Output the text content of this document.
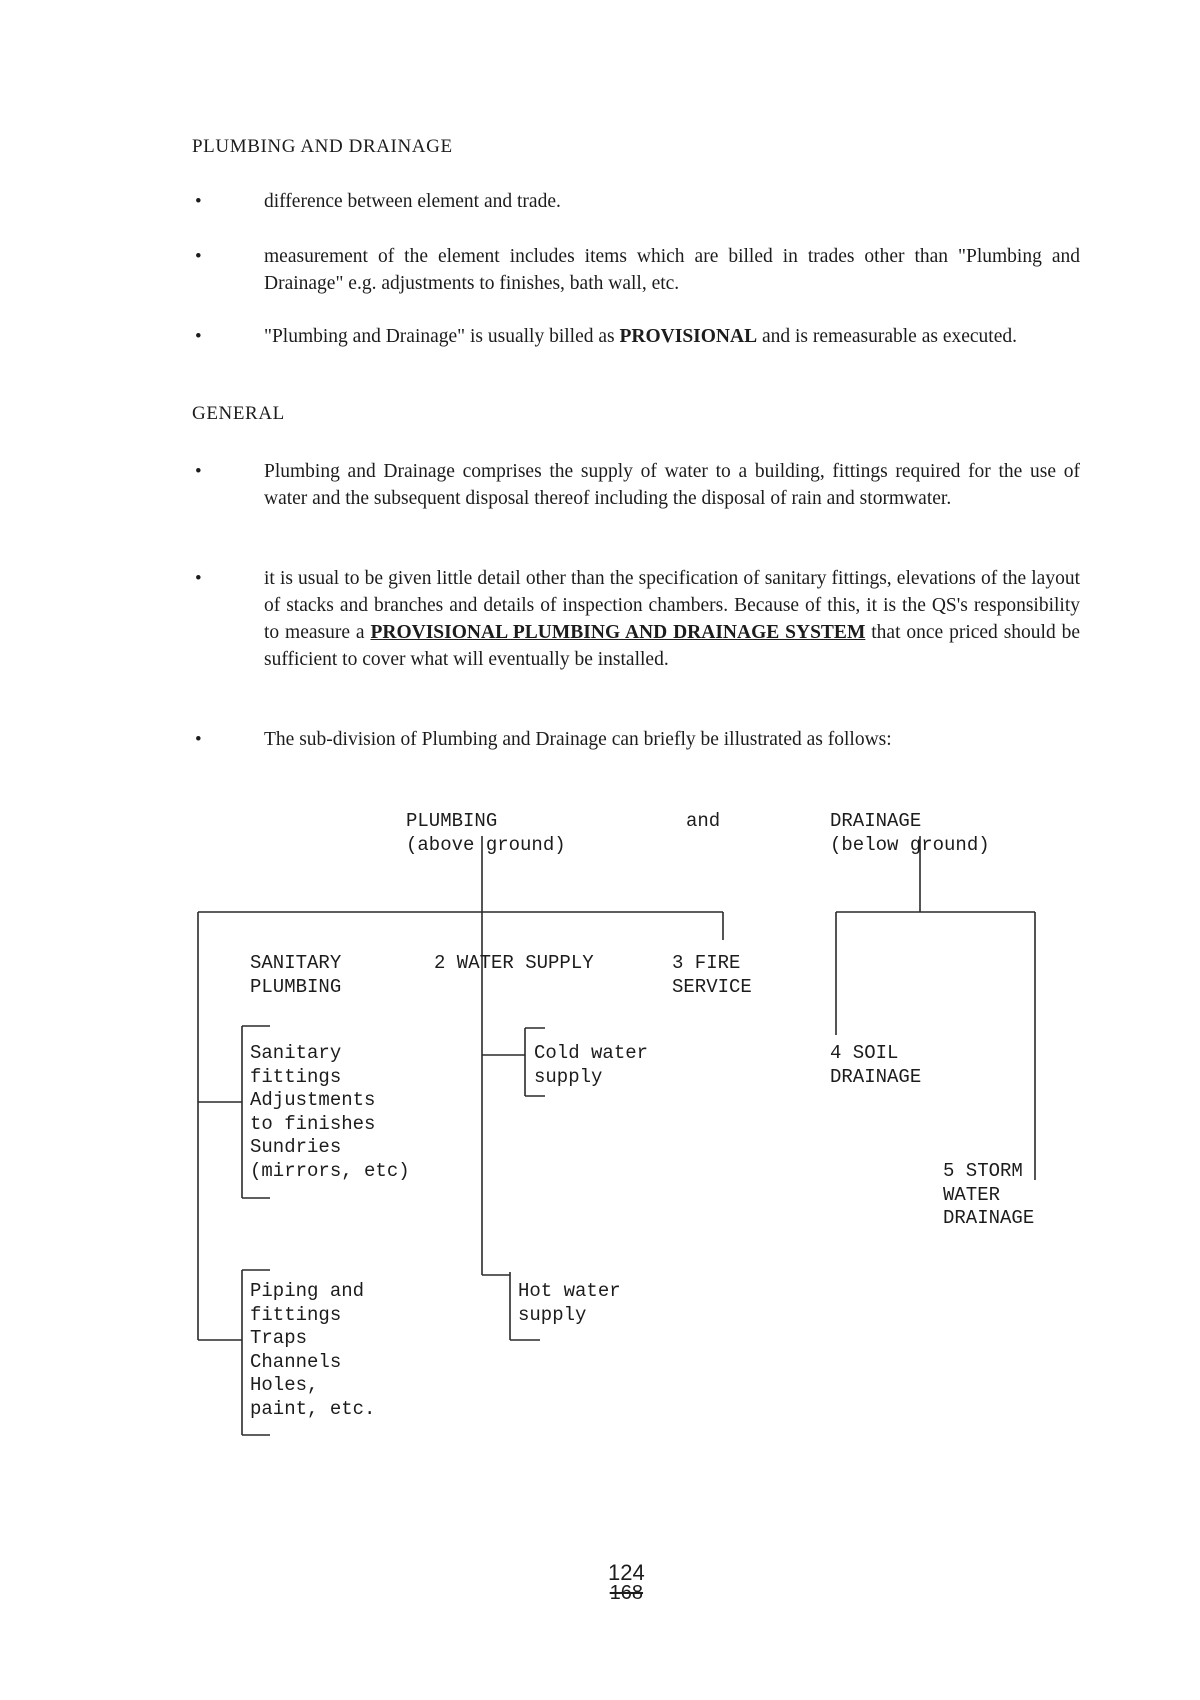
PLUMBING AND DRAINAGE
•	difference between element and trade.
•	measurement of the element includes items which are billed in trades other than "Plumbing and Drainage" e.g. adjustments to finishes, bath wall, etc.
•	"Plumbing and Drainage" is usually billed as PROVISIONAL and is remeasurable as executed.
GENERAL
•	Plumbing and Drainage comprises the supply of water to a building, fittings required for the use of water and the subsequent disposal thereof including the disposal of rain and stormwater.
•	it is usual to be given little detail other than the specification of sanitary fittings, elevations of the layout of stacks and branches and details of inspection chambers. Because of this, it is the QS's responsibility to measure a PROVISIONAL PLUMBING AND DRAINAGE SYSTEM that once priced should be sufficient to cover what will eventually be installed.
•	The sub-division of Plumbing and Drainage can briefly be illustrated as follows:
PLUMBING
(above ground)
and	DRAINAGE
(below ground)
SANITARY
PLUMBING
2 WATER SUPPLY	3 FIRE
SERVICE
Sanitary
fittings
Adjustments
to finishes
Sundries
(mirrors, etc)
Cold water
supply
4 SOIL
DRAINAGE
5 STORM
WATER
DRAINAGE
Piping and
fittings
Traps
Channels
Holes,
paint, etc.
Hot water
supply
124
168
